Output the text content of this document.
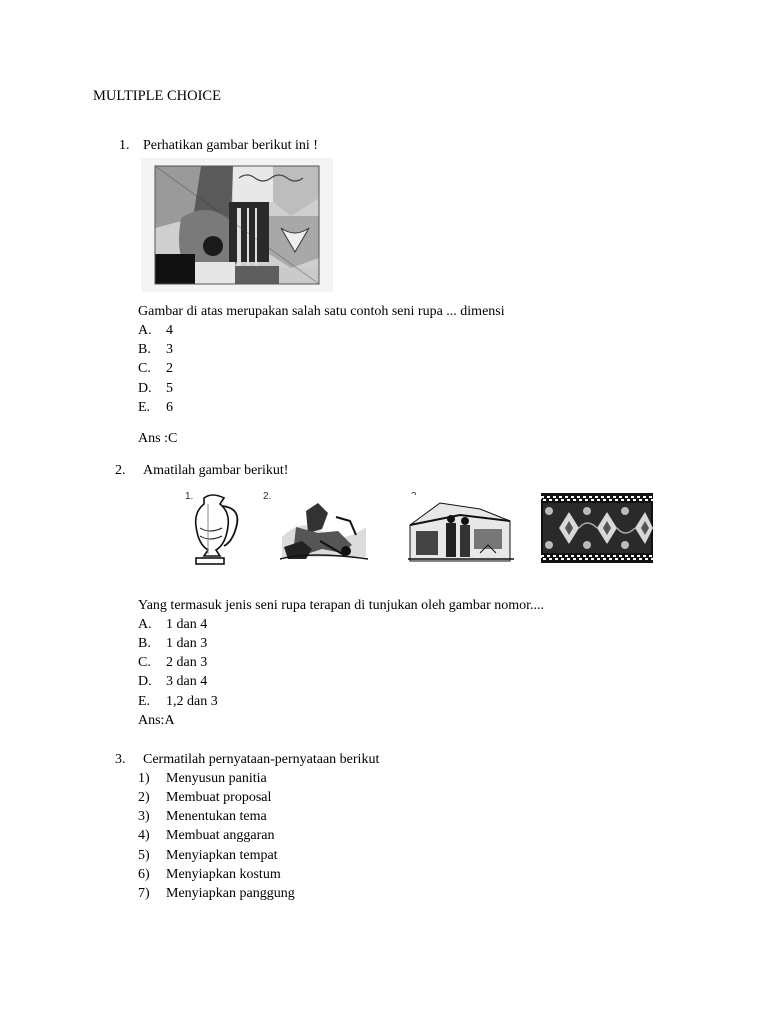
MULTIPLE CHOICE
1. Perhatikan gambar berikut ini !
Gambar di atas merupakan salah satu contoh seni rupa ... dimensi
A. 4
B. 3
C. 2
D. 5
E. 6
Ans :C
2. Amatilah gambar berikut!
1.	2.
Yang termasuk jenis seni rupa terapan di tunjukan oleh gambar nomor....
A. 1 dan 4
B. 1 dan 3
C. 2 dan 3
D. 3 dan 4
E. 1,2 dan 3
Ans:A
3. Cermatilah pernyataan-pernyataan berikut
1) Menyusun panitia
2) Membuat proposal
3) Menentukan tema
4) Membuat anggaran
5) Menyiapkan tempat
6) Menyiapkan kostum
7) Menyiapkan panggung
